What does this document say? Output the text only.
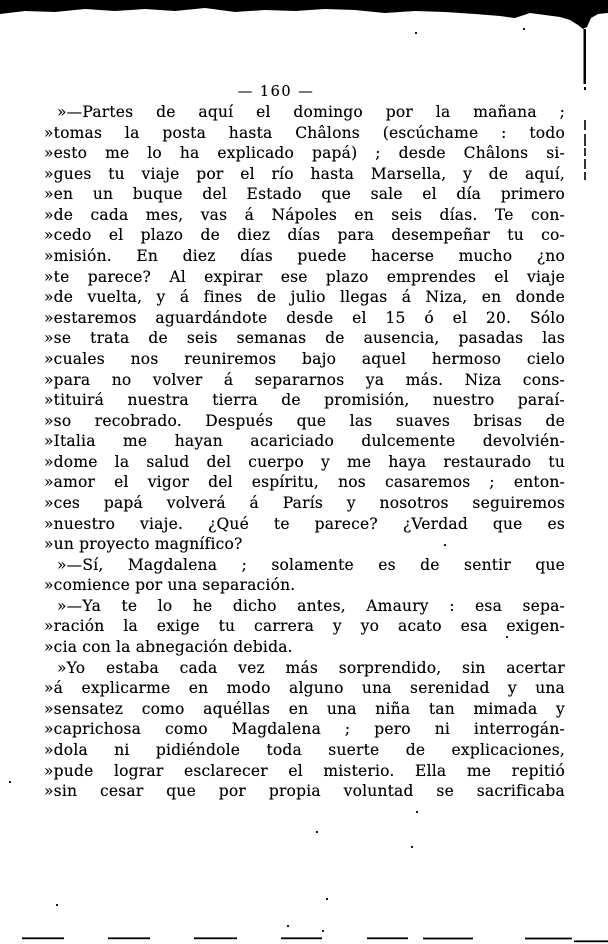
— 160 —
»—Partes de aquí el domingo por la mañana ;
»tomas la posta hasta Châlons (escúchame : todo
»esto me lo ha explicado papá) ; desde Châlons si-
»gues tu viaje por el río hasta Marsella, y de aquí,
»en un buque del Estado que sale el día primero
»de cada mes, vas á Nápoles en seis días. Te con-
»cedo el plazo de diez días para desempeñar tu co-
»misión. En diez días puede hacerse mucho ¿no
»te parece? Al expirar ese plazo emprendes el viaje
»de vuelta, y á fines de julio llegas á Niza, en donde
»estaremos aguardándote desde el 15 ó el 20. Sólo
»se trata de seis semanas de ausencia, pasadas las
»cuales nos reuniremos bajo aquel hermoso cielo
»para no volver á separarnos ya más. Niza cons-
»tituirá nuestra tierra de promisión, nuestro paraí-
»so recobrado. Después que las suaves brisas de
»Italia me hayan acariciado dulcemente devolvién-
»dome la salud del cuerpo y me haya restaurado tu
»amor el vigor del espíritu, nos casaremos ; enton-
»ces papá volverá á París y nosotros seguiremos
»nuestro viaje. ¿Qué te parece? ¿Verdad que es
»un proyecto magnífico?
»—Sí, Magdalena ; solamente es de sentir que
»comience por una separación.
»—Ya te lo he dicho antes, Amaury : esa sepa-
»ración la exige tu carrera y yo acato esa exigen-
»cia con la abnegación debida.
»Yo estaba cada vez más sorprendido, sin acertar
»á explicarme en modo alguno una serenidad y una
»sensatez como aquéllas en una niña tan mimada y
»caprichosa como Magdalena ; pero ni interrogán-
»dola ni pidiéndole toda suerte de explicaciones,
»pude lograr esclarecer el misterio. Ella me repitió
»sin cesar que por propia voluntad se sacrificaba
